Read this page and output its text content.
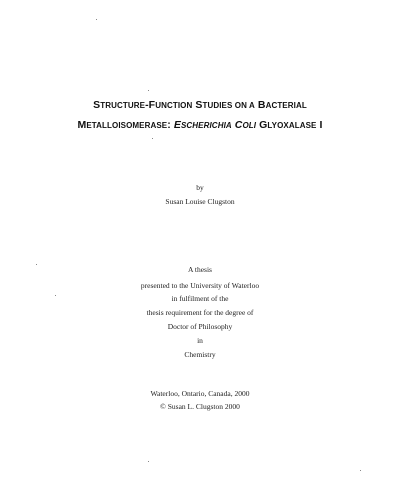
STRUCTURE-FUNCTION STUDIES ON A BACTERIAL
METALLOISOMERASE: ESCHERICHIA COLI GLYOXALASE I
by
Susan Louise Clugston
A thesis
presented to the University of Waterloo
in fulfilment of the
thesis requirement for the degree of
Doctor of Philosophy
in
Chemistry
Waterloo, Ontario, Canada, 2000
© Susan L. Clugston 2000
